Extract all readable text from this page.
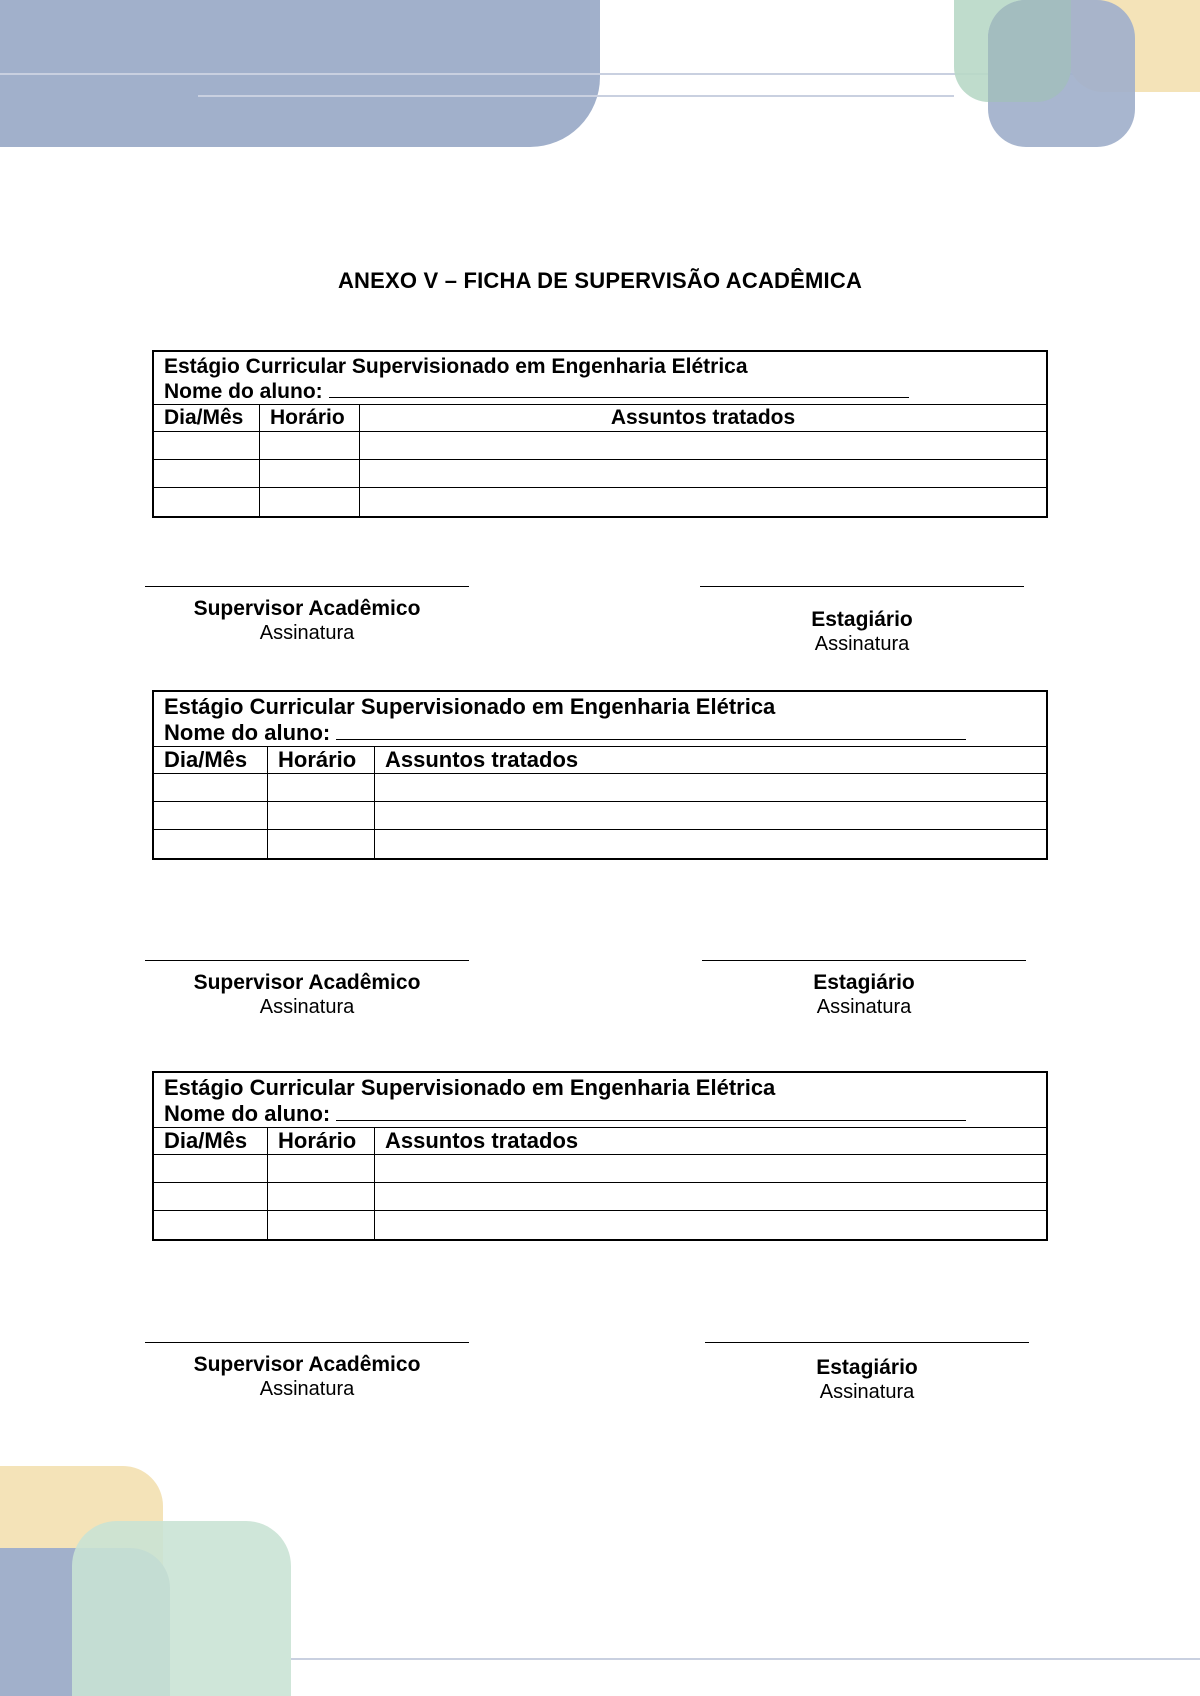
ANEXO V – FICHA DE SUPERVISÃO ACADÊMICA
Estágio Curricular Supervisionado em Engenharia Elétrica
Nome do aluno:
Dia/Mês	Horário	Assuntos tratados
Supervisor Acadêmico
Assinatura
Estagiário
Assinatura
Estágio Curricular Supervisionado em Engenharia Elétrica
Nome do aluno:
Dia/Mês	Horário	Assuntos tratados
Supervisor Acadêmico
Assinatura
Estagiário
Assinatura
Estágio Curricular Supervisionado em Engenharia Elétrica
Nome do aluno:
Dia/Mês	Horário	Assuntos tratados
Supervisor Acadêmico
Assinatura
Estagiário
Assinatura
